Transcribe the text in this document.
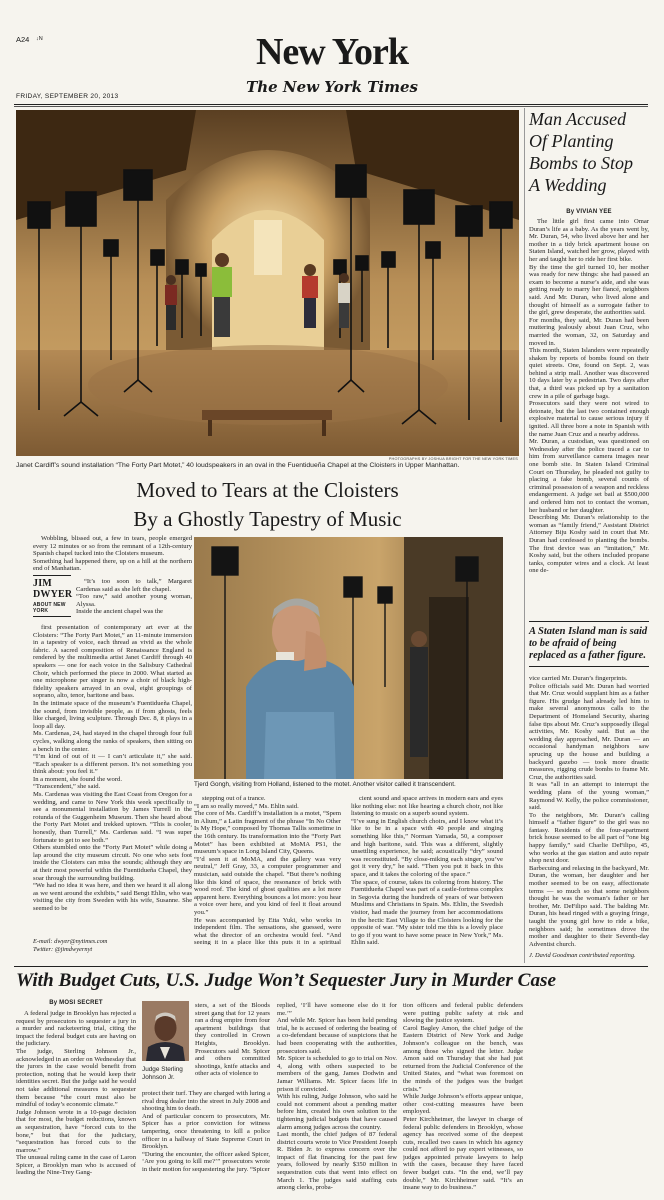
A24 ↓N	New York
FRIDAY, SEPTEMBER 20, 2013
The New York Times
PHOTOGRAPHS BY JOSHUA BRIGHT FOR THE NEW YORK TIMES
Janet Cardiff’s sound installation “The Forty Part Motet,” 40 loudspeakers in an oval in the Fuentidueña Chapel at the Cloisters in Upper Manhattan.
Moved to Tears at the Cloisters
By a Ghostly Tapestry of Music
Wobbling, blissed out, a few in tears, people emerged every 12 minutes or so from the remnant of a 12th-century Spanish chapel tucked into the Cloisters museum.
Something had happened there, up on a hill at the northern end of Manhattan.
JIM
DWYER
ABOUT NEW YORK
“It’s too soon to talk,” Margaret Cardenas said as she left the chapel.
“Too raw,” said another young woman, Alyssa.
Inside the ancient chapel was the
first presentation of contemporary art ever at the Cloisters: “The Forty Part Motet,” an 11-minute immersion in a tapestry of voice, each thread as vivid as the whole fabric. A sacred composition of Renaissance England is rendered by the multimedia artist Janet Cardiff through 40 speakers — one for each voice in the Salisbury Cathedral Choir, which performed the piece in 2000. What started as one microphone per singer is now a choir of black high-fidelity speakers arrayed in an oval, eight groupings of soprano, alto, tenor, baritone and bass.
In the intimate space of the museum’s Fuentidueña Chapel, the sound, from invisible people, as if from ghosts, feels like charged, living sculpture. Through Dec. 8, it plays in a loop all day.
Ms. Cardenas, 24, had stayed in the chapel through four full cycles, walking along the ranks of speakers, then sitting on a bench in the center.
“I’m kind of out of it — I can’t articulate it,” she said. “Each speaker is a different person. It’s not something you think about: you feel it.”
In a moment, she found the word.
“Transcendent,” she said.
Ms. Cardenas was visiting the East Coast from Oregon for a wedding, and came to New York this week specifically to see a monumental installation by James Turrell in the rotunda of the Guggenheim Museum. Then she heard about the Forty Part Motet and trekked uptown. “This is cooler, honestly, than Turrell,” Ms. Cardenas said. “I was super fortunate to get to see both.”
Others stumbled onto the “Forty Part Motet” while doing a lap around the city museum circuit. No one who sets foot inside the Cloisters can miss the sounds; although they are at their most powerful within the Fuentidueña Chapel, they soar through the surrounding building.
“We had no idea it was here, and then we heard it all along as we went around the exhibits,” said Bengt Ehlin, who was visiting the city from Sweden with his wife, Susanne. She seemed to be
Tjerd Gongh, visiting from Holland, listened to the motet. Another visitor called it transcendent.
stepping out of a trance.
“I am so really moved,” Ms. Ehlin said.
The core of Ms. Cardiff’s installation is a motet, “Spem in Alium,” a Latin fragment of the phrase “In No Other Is My Hope,” composed by Thomas Tallis sometime in the 16th century. Its transformation into the “Forty Part Motet” has been exhibited at MoMA PS1, the museum’s space in Long Island City, Queens.
“I’d seen it at MoMA, and the gallery was very neutral,” Jeff Gray, 33, a computer programmer and musician, said outside the chapel. “But there’s nothing like this kind of space, the resonance of brick with wood roof. The kind of ghost qualities are a lot more apparent here. Everything bounces a lot more: you hear a voice over here, and you kind of feel it float around you.”
He was accompanied by Etta Yuki, who works in independent film. The sensations, she guessed, were what the director of an orchestra would feel. “And seeing it in a place like this puts it in a spiritual

cient sound and space arrives in modern ears and eyes like nothing else: not like hearing a church choir, not like listening to music on a superb sound system.
“I’ve sung in English church choirs, and I know what it’s like to be in a space with 40 people and singing something like this,” Norman Yamada, 50, a composer and high baritone, said. This was a different, slightly unsettling experience, he said; acoustically “dry” sound was reconstituted. “By close-miking each singer, you’ve got it very dry,” he said. “Then you put it back in this space, and it takes the coloring of the space.”
The space, of course, takes its coloring from history. The Fuentidueña Chapel was part of a castle-fortress complex in Segovia during the hundreds of years of war between Muslims and Christians in Spain. Ms. Ehlin, the Swedish visitor, had made the journey from her accommodations in the hectic East Village to the Cloisters looking for the opposite of war. “My sister told me this is a lovely place to go if you want to have some peace in New York,” Ms. Ehlin said.

E-mail: dwyer@nytimes.com
Twitter: @jimdwyernyt
Man Accused
Of Planting
Bombs to Stop
A Wedding
By VIVIAN YEE
The little girl first came into Omar Duran’s life as a baby. As the years went by, Mr. Duran, 54, who lived above her and her mother in a tidy brick apartment house on Staten Island, watched her grow, played with her and taught her to ride her first bike.
By the time the girl turned 10, her mother was ready for new things: she had passed an exam to become a nurse’s aide, and she was getting ready to marry her fiancé, neighbors said. And Mr. Duran, who lived alone and thought of himself as a surrogate father to the girl, grew desperate, the authorities said.
For months, they said, Mr. Duran had been muttering jealously about Juan Cruz, who married the woman, 32, on Saturday and moved in.
This month, Staten Islanders were repeatedly shaken by reports of bombs found on their quiet streets. One, found on Sept. 2, was behind a strip mall. Another was discovered 10 days later by a pedestrian. Two days after that, a third was picked up by a sanitation crew in a pile of garbage bags.
Prosecutors said they were not wired to detonate, but the last two contained enough explosive material to cause serious injury if ignited. All three bore a note in Spanish with the name Juan Cruz and a nearby address.
Mr. Duran, a custodian, was questioned on Wednesday after the police traced a car to him from surveillance camera images near one bomb site. In Staten Island Criminal Court on Thursday, he pleaded not guilty to placing a fake bomb, several counts of criminal possession of a weapon and reckless endangerment. A judge set bail at $500,000 and ordered him not to contact the woman, her husband or her daughter.
Describing Mr. Duran’s relationship to the woman as “family friend,” Assistant District Attorney Biju Koshy said in court that Mr. Duran had confessed to planting the bombs. The first device was an “imitation,” Mr. Koshy said, but the others included propane tanks, computer wires and a clock. At least one de-
A Staten Island man is said to be afraid of being replaced as a father figure.
vice carried Mr. Duran’s fingerprints.
Police officials said Mr. Duran had worried that Mr. Cruz would supplant him as a father figure. His grudge had already led him to make several anonymous calls to the Department of Homeland Security, sharing false tips about Mr. Cruz’s supposedly illegal activities, Mr. Koshy said. But as the wedding day approached, Mr. Duran — an occasional handyman neighbors saw sprucing up the house and building a backyard gazebo — took more drastic measures, rigging crude bombs to frame Mr. Cruz, the authorities said.
It was “all in an attempt to interrupt the wedding plans of the young woman,” Raymond W. Kelly, the police commissioner, said.
To the neighbors, Mr. Duran’s calling himself a “father figure” to the girl was no fantasy. Residents of the four-apartment brick house seemed to be all part of “one big happy family,” said Charlie DeFilipo, 45, who works at the gas station and auto repair shop next door.
Barbecuing and relaxing in the backyard, Mr. Duran, the woman, her daughter and her mother seemed to be on easy, affectionate terms — so much so that some neighbors thought he was the woman’s father or her brother, Mr. DeFilipo said. The balding Mr. Duran, his head ringed with a graying fringe, taught the young girl how to ride a bike, neighbors said; he sometimes drove the mother and daughter to their Seventh-day Adventist church.

J. David Goodman contributed reporting.
With Budget Cuts, U.S. Judge Won’t Sequester Jury in Murder Case
By MOSI SECRET
A federal judge in Brooklyn has rejected a request by prosecutors to sequester a jury in a murder and racketeering trial, citing the impact the federal budget cuts are having on the judiciary.
The judge, Sterling Johnson Jr., acknowledged in an order on Wednesday that the jurors in the case would benefit from protection, noting that he would keep their identities secret. But the judge said he would not take additional measures to sequester them because “the court must also be mindful of today’s economic climate.”
Judge Johnson wrote in a 10-page decision that for most, the budget reductions, known as sequestration, have “forced cuts to the bone,” but that for the judiciary, “sequestration has forced cuts to the marrow.”
The unusual ruling came in the case of Laron Spicer, a Brooklyn man who is accused of leading the Nine-Trey Gang-
Judge Sterling Johnson Jr.
sters, a set of the Bloods street gang that for 12 years ran a drug empire from four apartment buildings that they controlled in Crown Heights, Brooklyn. Prosecutors said Mr. Spicer and others committed shootings, knife attacks and other acts of violence to
protect their turf. They are charged with luring a rival drug dealer into the street in July 2008 and shooting him to death.
And of particular concern to prosecutors, Mr. Spicer has a prior conviction for witness tampering, once threatening to kill a police officer in a hallway of State Supreme Court in Brooklyn.
“During the encounter, the officer asked Spicer, ‘Are you going to kill me?’” prosecutors wrote in their motion for sequestering the jury. “Spicer
replied, ‘I’ll have someone else do it for me.’”
And while Mr. Spicer has been held pending trial, he is accused of ordering the beating of a co-defendant because of suspicions that he had been cooperating with the authorities, prosecutors said.
Mr. Spicer is scheduled to go to trial on Nov. 4, along with others suspected to be members of the gang, James Dodwin and Jamar Williams. Mr. Spicer faces life in prison if convicted.
With his ruling, Judge Johnson, who said he could not comment about a pending matter before him, created his own solution to the tightening judicial budgets that have caused alarm among judges across the country.
Last month, the chief judges of 87 federal district courts wrote to Vice President Joseph R. Biden Jr. to express concern over the impact of flat financing for the past few years, followed by nearly $350 million in sequestration cuts that went into effect on March 1. The judges said staffing cuts among clerks, proba-
tion officers and federal public defenders were putting public safety at risk and slowing the justice system.
Carol Bagley Amon, the chief judge of the Eastern District of New York and Judge Johnson’s colleague on the bench, was among those who signed the letter. Judge Amon said on Thursday that she had just returned from the Judicial Conference of the United States, and “what was foremost on the minds of the judges was the budget crisis.”
While Judge Johnson’s efforts appear unique, other cost-cutting measures have been employed.
Peter Kirchheimer, the lawyer in charge of federal public defenders in Brooklyn, whose agency has received some of the deepest cuts, recalled two cases in which his agency could not afford to pay expert witnesses, so judges appointed private lawyers to help with the cases, because they have faced fewer budget cuts. “In the end, we’ll pay double,” Mr. Kirchheimer said. “It’s an insane way to do business.”
